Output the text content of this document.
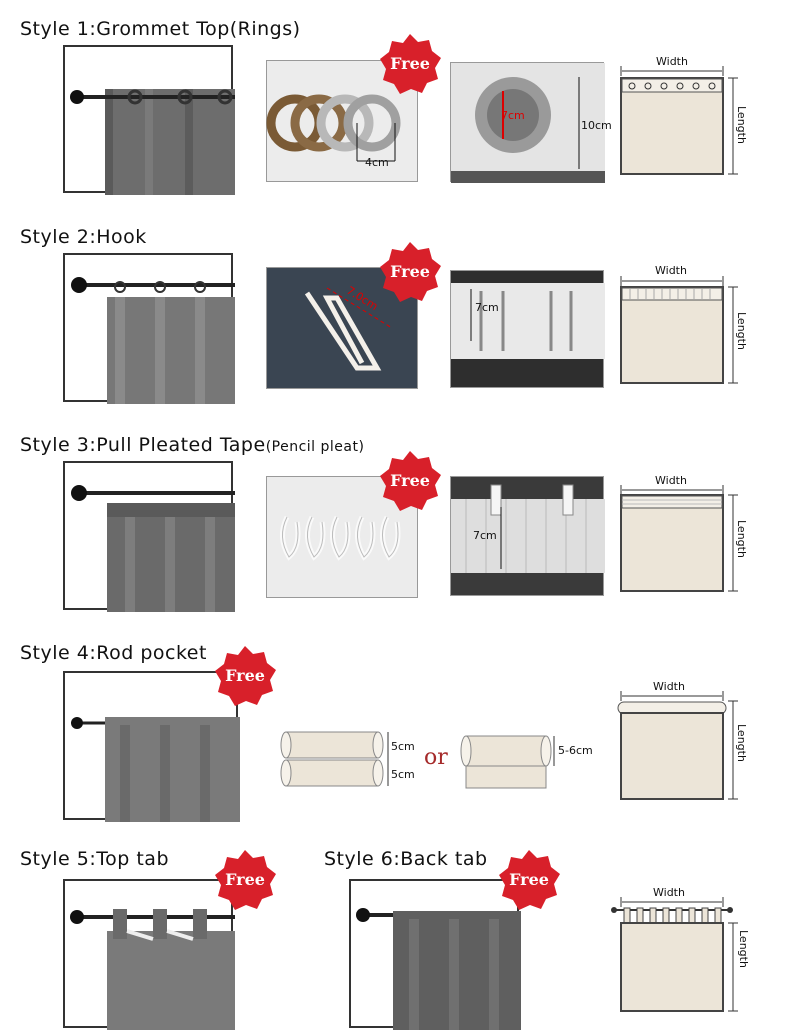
Style 1:Grommet Top(Rings)
4cm
Free
7cm
10cm
Width
Length
Style 2:Hook
7.0cm
Free
7cm
Width
Length
Style 3:Pull Pleated Tape(Pencil pleat)
Free
7cm
Width
Length
Style 4:Rod pocket
Free
5cm
5cm
or	5-6cm
Width
Length
Style 5:Top tab
Free
Style 6:Back tab
Free
Width
Length
